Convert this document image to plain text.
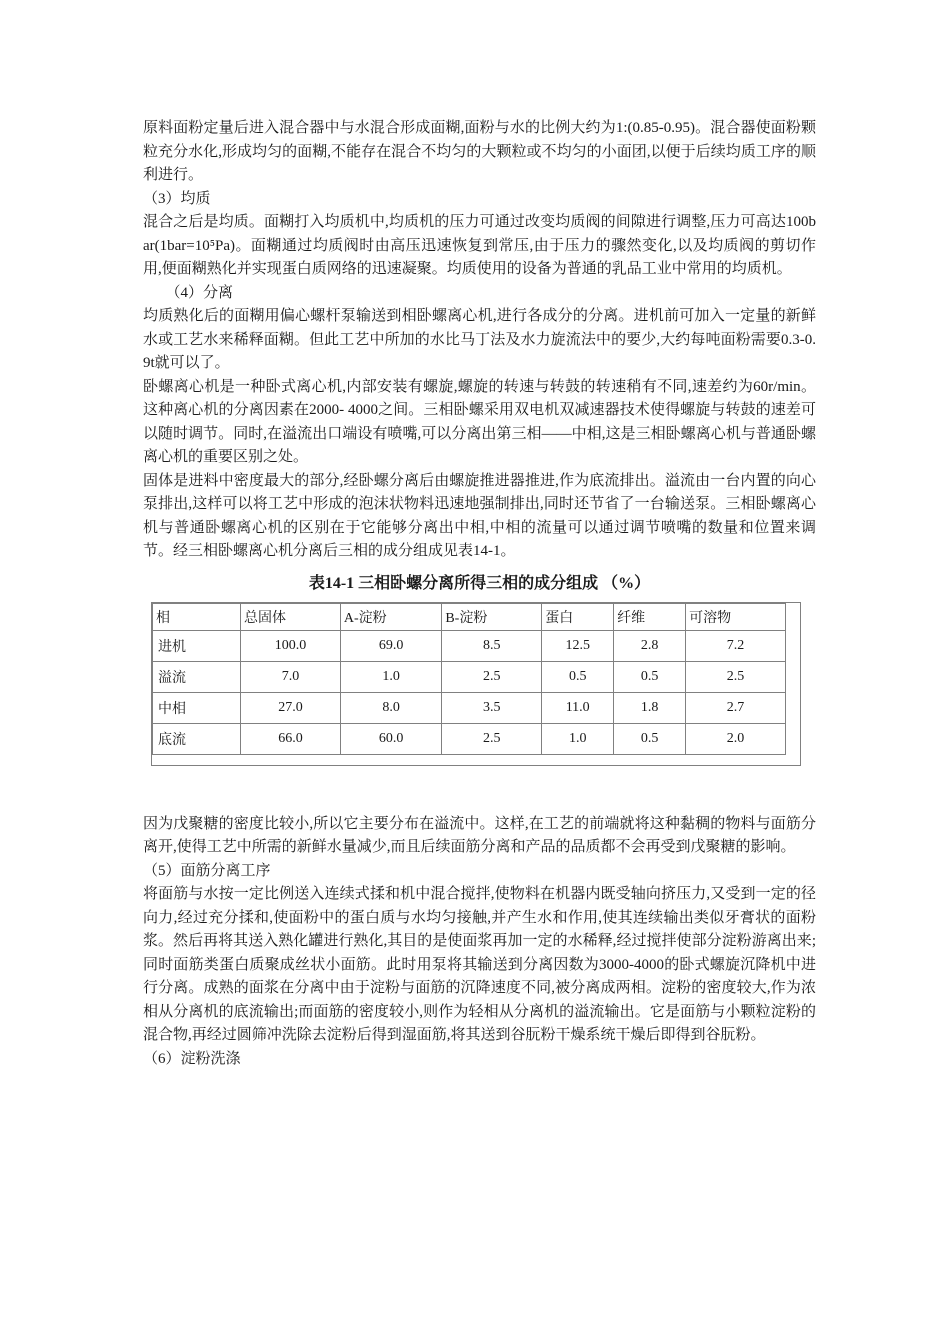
原料面粉定量后进入混合器中与水混合形成面糊,面粉与水的比例大约为1:(0.85-0.95)。混合器使面粉颗粒充分水化,形成均匀的面糊,不能存在混合不均匀的大颗粒或不均匀的小面团,以便于后续均质工序的顺利进行。

（3）均质

混合之后是均质。面糊打入均质机中,均质机的压力可通过改变均质阀的间隙进行调整,压力可高达100bar(1bar=10⁵Pa)。面糊通过均质阀时由高压迅速恢复到常压,由于压力的骤然变化,以及均质阀的剪切作用,便面糊熟化并实现蛋白质网络的迅速凝聚。均质使用的设备为普通的乳品工业中常用的均质机。

　　（4）分离

均质熟化后的面糊用偏心螺杆泵输送到相卧螺离心机,进行各成分的分离。进机前可加入一定量的新鲜水或工艺水来稀释面糊。但此工艺中所加的水比马丁法及水力旋流法中的要少,大约每吨面粉需要0.3-0.9t就可以了。

卧螺离心机是一种卧式离心机,内部安装有螺旋,螺旋的转速与转鼓的转速稍有不同,速差约为60r/min。这种离心机的分离因素在2000- 4000之间。三相卧螺采用双电机双减速器技术使得螺旋与转鼓的速差可以随时调节。同时,在溢流出口端设有喷嘴,可以分离出第三相——中相,这是三相卧螺离心机与普通卧螺离心机的重要区别之处。

固体是进料中密度最大的部分,经卧螺分离后由螺旋推进器推进,作为底流排出。溢流由一台内置的向心泵排出,这样可以将工艺中形成的泡沫状物料迅速地强制排出,同时还节省了一台输送泵。三相卧螺离心机与普通卧螺离心机的区别在于它能够分离出中相,中相的流量可以通过调节喷嘴的数量和位置来调节。经三相卧螺离心机分离后三相的成分组成见表14-1。

表14-1 三相卧螺分离所得三相的成分组成 （%）
相	总固体	A-淀粉	B-淀粉	蛋白	纤维	可溶物
进机	100.0	69.0	8.5	12.5	2.8	7.2
溢流	7.0	1.0	2.5	0.5	0.5	2.5
中相	27.0	8.0	3.5	11.0	1.8	2.7
底流	66.0	60.0	2.5	1.0	0.5	2.0

因为戊聚糖的密度比较小,所以它主要分布在溢流中。这样,在工艺的前端就将这种黏稠的物料与面筋分离开,使得工艺中所需的新鲜水量减少,而且后续面筋分离和产品的品质都不会再受到戊聚糖的影响。

（5）面筋分离工序

将面筋与水按一定比例送入连续式揉和机中混合搅拌,使物料在机器内既受轴向挤压力,又受到一定的径向力,经过充分揉和,使面粉中的蛋白质与水均匀接触,并产生水和作用,使其连续输出类似牙膏状的面粉浆。然后再将其送入熟化罐进行熟化,其目的是使面浆再加一定的水稀释,经过搅拌使部分淀粉游离出来;同时面筋类蛋白质聚成丝状小面筋。此时用泵将其输送到分离因数为3000-4000的卧式螺旋沉降机中进行分离。成熟的面浆在分离中由于淀粉与面筋的沉降速度不同,被分离成两相。淀粉的密度较大,作为浓相从分离机的底流输出;而面筋的密度较小,则作为轻相从分离机的溢流输出。它是面筋与小颗粒淀粉的混合物,再经过圆筛冲洗除去淀粉后得到湿面筋,将其送到谷朊粉干燥系统干燥后即得到谷朊粉。

（6）淀粉洗涤
